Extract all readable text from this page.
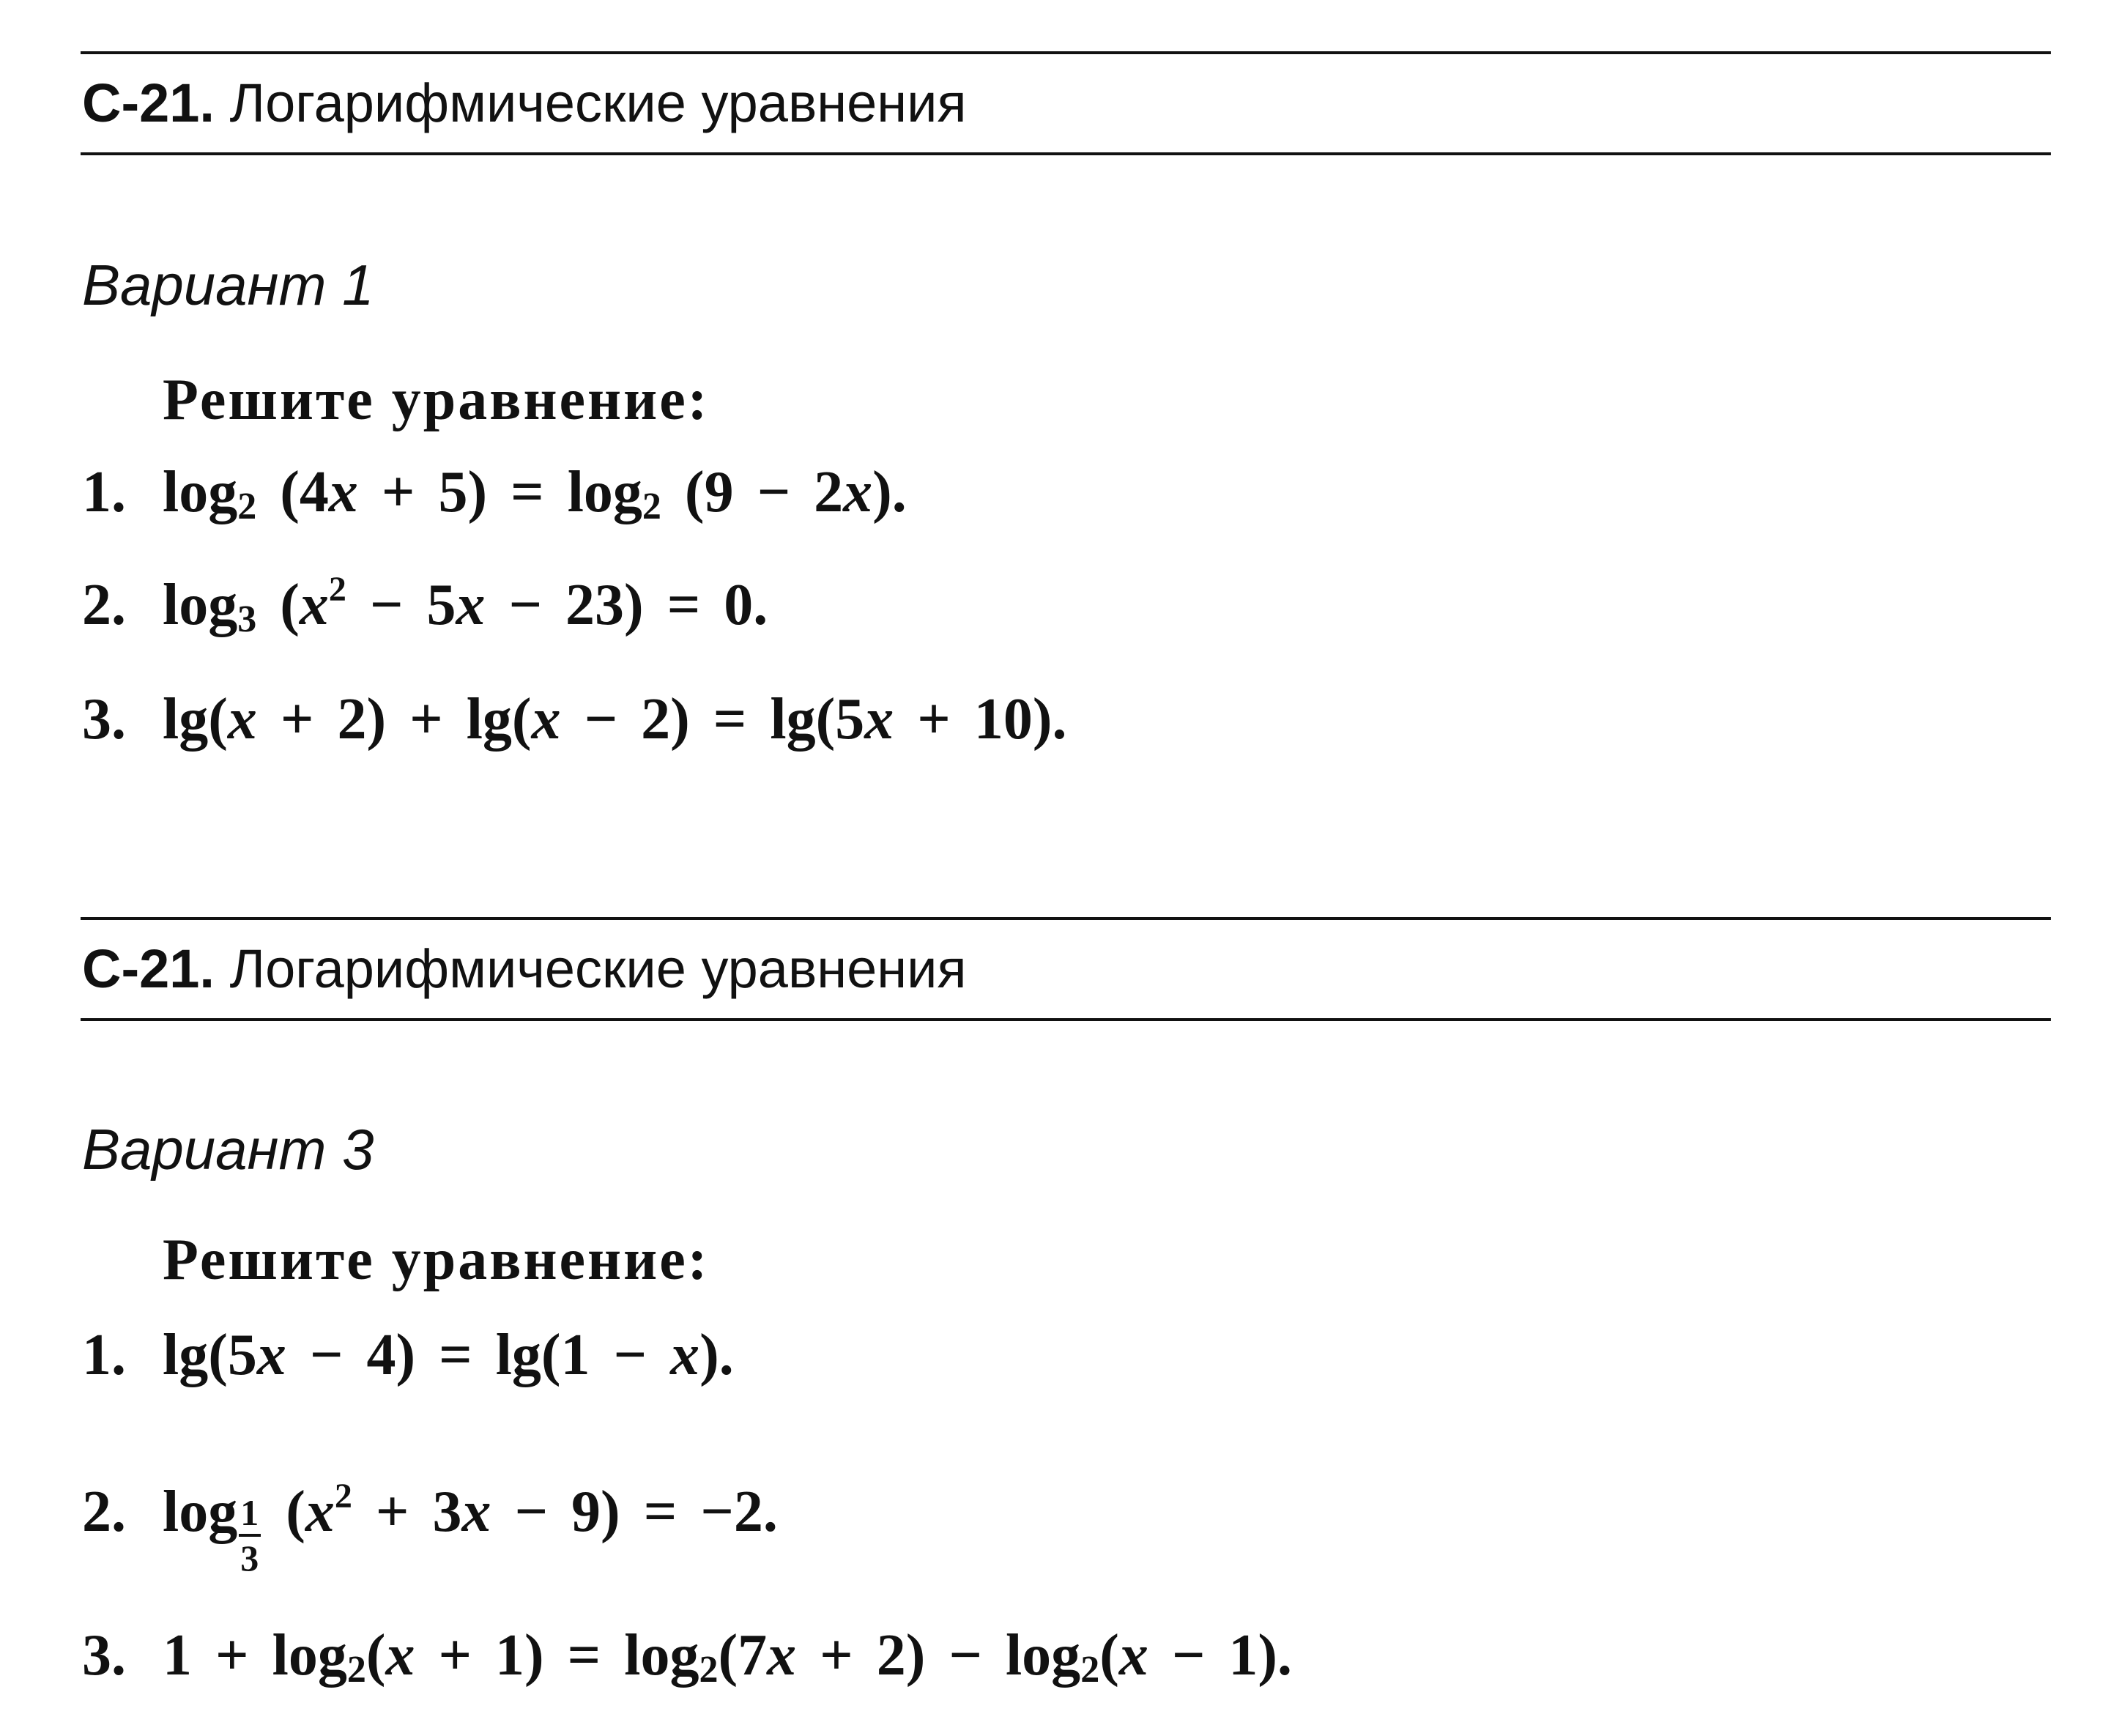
С-21. Логарифмические уравнения
Вариант 1
Решите уравнение:
1. $\log_2 (4x + 5) = \log_2 (9 - 2x)$.
2. $\log_3 (x^2 - 5x - 23) = 0$.
3. lg(x + 2) + lg(x − 2) = lg(5x + 10).
С-21. Логарифмические уравнения
Вариант 3
Решите уравнение:
1. lg(5x − 4) = lg(1 − x).
2. $\log \frac{1}{3} (x^2 + 3x - 9) = -2$.
3. $1 + \log_2(x + 1) = \log_2(7x + 2) - \log_2(x - 1)$.
